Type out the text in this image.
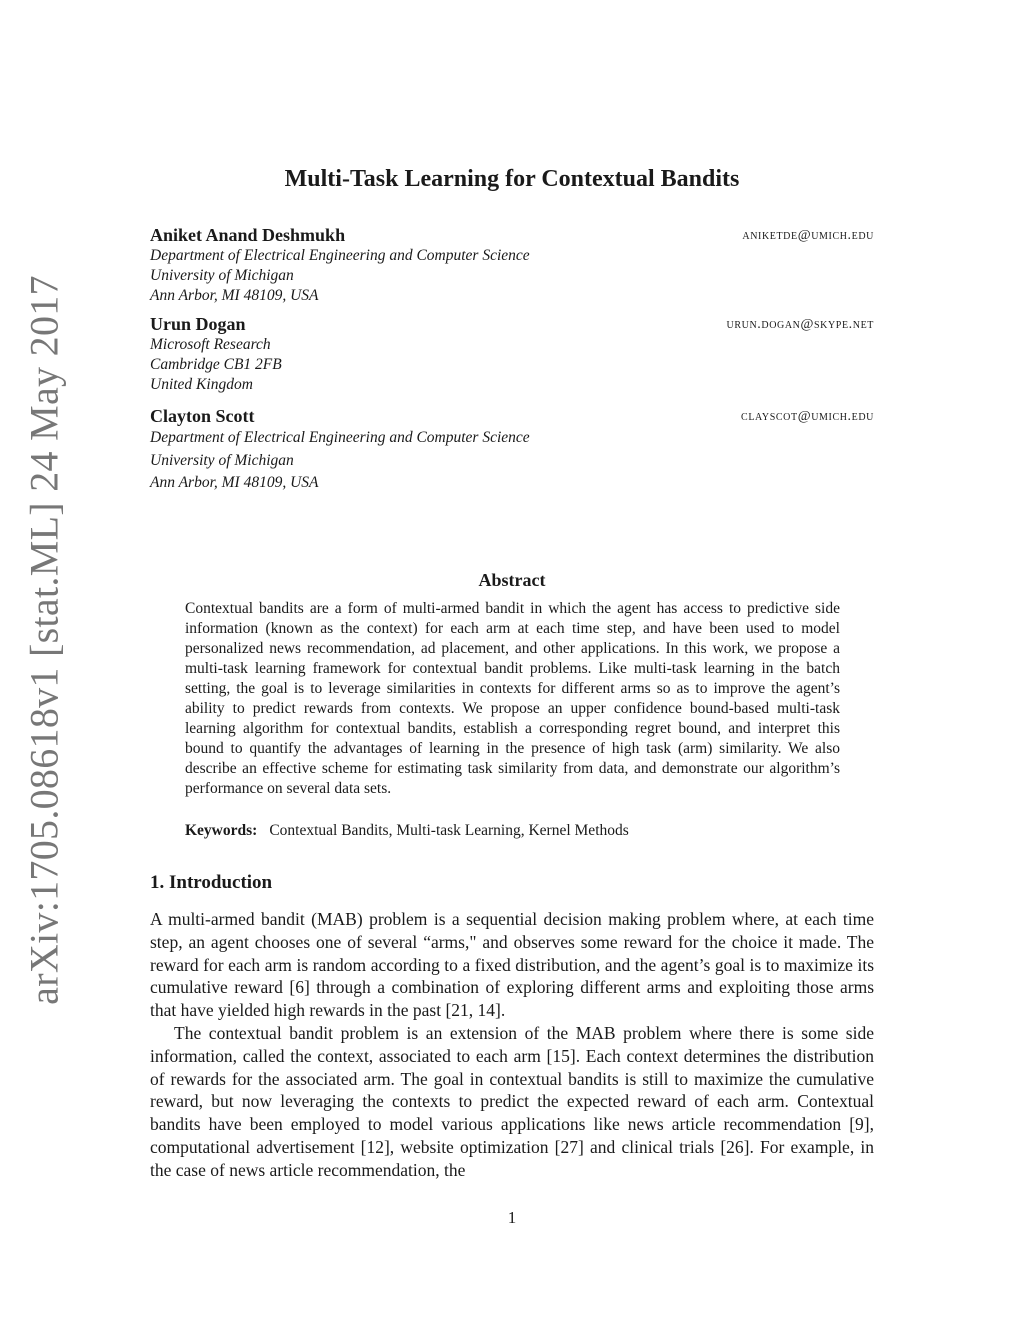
arXiv:1705.08618v1 [stat.ML] 24 May 2017
Multi-Task Learning for Contextual Bandits
Aniket Anand Deshmukh	aniketde@umich.edu
Department of Electrical Engineering and Computer Science
University of Michigan
Ann Arbor, MI 48109, USA
Urun Dogan	urun.dogan@skype.net
Microsoft Research
Cambridge CB1 2FB
United Kingdom
Clayton Scott	clayscot@umich.edu
Department of Electrical Engineering and Computer Science
University of Michigan
Ann Arbor, MI 48109, USA
Abstract
Contextual bandits are a form of multi-armed bandit in which the agent has access to predictive side information (known as the context) for each arm at each time step, and have been used to model personalized news recommendation, ad placement, and other applications. In this work, we propose a multi-task learning framework for contextual bandit problems. Like multi-task learning in the batch setting, the goal is to leverage similarities in contexts for different arms so as to improve the agent’s ability to predict rewards from contexts. We propose an upper confidence bound-based multi-task learning algorithm for contextual bandits, establish a corresponding regret bound, and interpret this bound to quantify the advantages of learning in the presence of high task (arm) similarity. We also describe an effective scheme for estimating task similarity from data, and demonstrate our algorithm’s performance on several data sets.
Keywords: Contextual Bandits, Multi-task Learning, Kernel Methods
1. Introduction
A multi-armed bandit (MAB) problem is a sequential decision making problem where, at each time step, an agent chooses one of several “arms," and observes some reward for the choice it made. The reward for each arm is random according to a fixed distribution, and the agent’s goal is to maximize its cumulative reward [6] through a combination of exploring different arms and exploiting those arms that have yielded high rewards in the past [21, 14].
The contextual bandit problem is an extension of the MAB problem where there is some side information, called the context, associated to each arm [15]. Each context determines the distribution of rewards for the associated arm. The goal in contextual bandits is still to maximize the cumulative reward, but now leveraging the contexts to predict the expected reward of each arm. Contextual bandits have been employed to model various applications like news article recommendation [9], computational advertisement [12], website optimization [27] and clinical trials [26]. For example, in the case of news article recommendation, the
1
